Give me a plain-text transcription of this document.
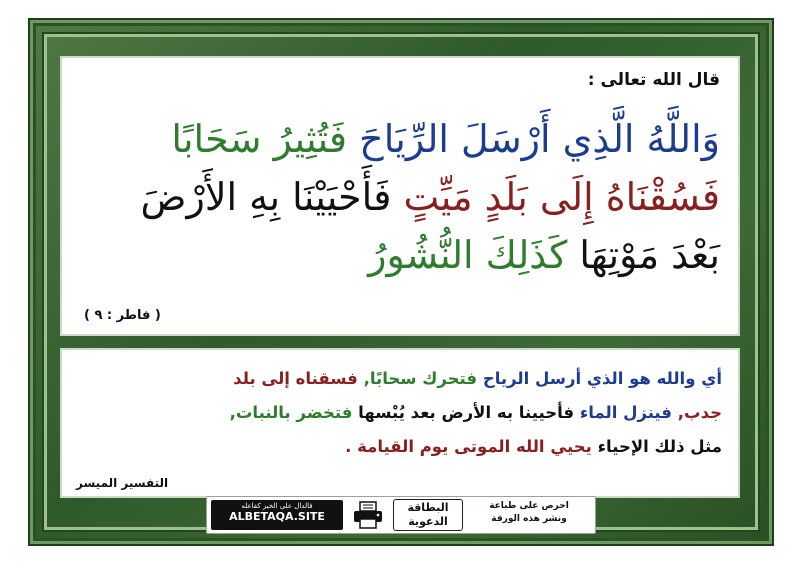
قال الله تعالى :
وَاللَّهُ الَّذِي أَرْسَلَ الرِّيَاحَ فَتُثِيرُ سَحَابًا
فَسُقْنَاهُ إِلَى بَلَدٍ مَيِّتٍ فَأَحْيَيْنَا بِهِ الأَرْضَ
بَعْدَ مَوْتِهَا كَذَلِكَ النُّشُورُ
( فاطر : ٩ )
أي والله هو الذي أرسل الرياح فتحرك سحابًا, فسقناه إلى بلد
جدب, فينزل الماء فأحيينا به الأرض بعد يُبْسها فتخضر بالنبات,
مثل ذلك الإحياء يحيي الله الموتى يوم القيامة .
التفسير الميسر
فالدال على الخير كفاعله
ALBETAQA.SITE
البطاقة
الدعوية
احرص على طباعة
ونشر هذه الورقة
